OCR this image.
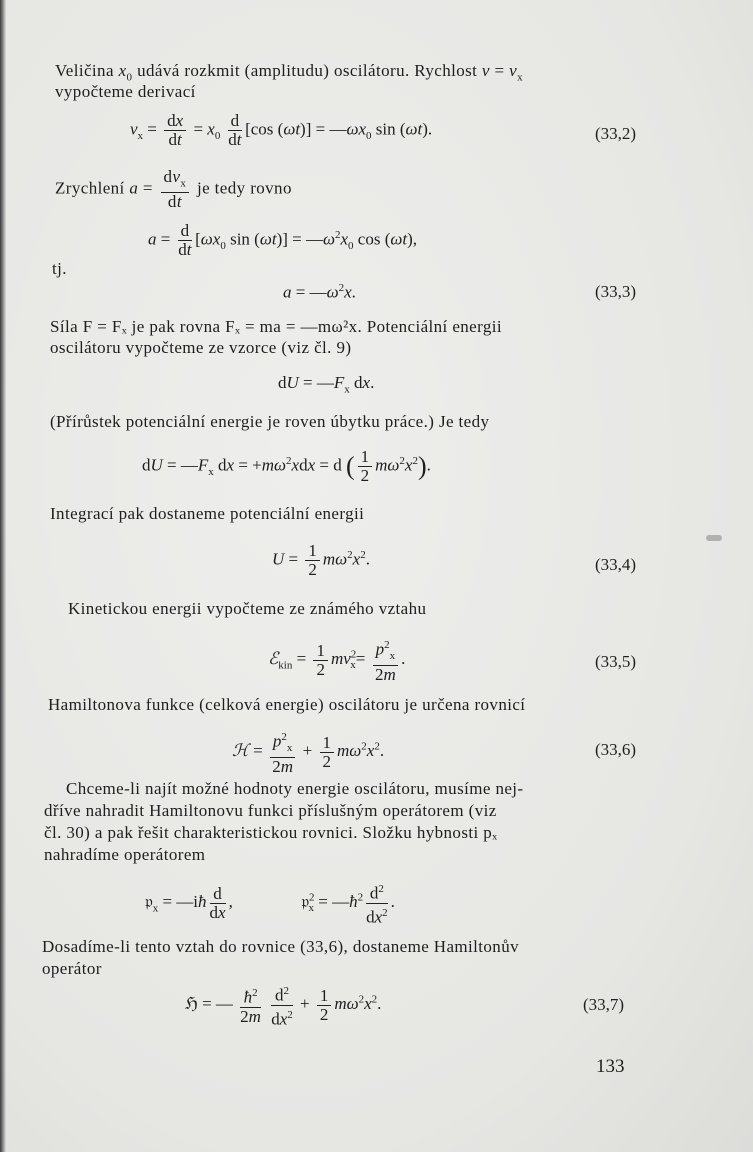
Veličina $x_0$ udává rozkmit (amplitudu) oscilátoru. Rychlost $v = v_x$
vypočteme derivací
$v_x = \frac{dx}{dt} = x_0 \frac{d}{dt} [\cos$ $(\omega t)] = —\omega x_0$ sin (ωt).	(33,2)
Zrychlení $a = \frac{dv_x}{dt}$ je tedy rovno
$a = \frac{d}{dt} [\omega x_0$ $\sin (\omega t)] = —\omega^2x_0$ cos (ωt),
tj.
$a = —\omega^2x$.	(33,3)
Síla F = Fₓ je pak rovna Fₓ = ma = —mω²x. Potenciální energii
oscilátoru vypočteme ze vzorce (viz čl. 9)
dU = $—F_x$ dx.
(Přírůstek potenciální energie je roven úbytku práce.) Je tedy
dU = $—F_x$ dx = $+m\omega^2xdx = d$ ( $\frac{1}{2} m\omega^2x^2$).
Integrací pak dostaneme potenciální energii
$U = \frac{1}{2} m\omega^2x^2$.	(33,4)
Kinetickou energii vypočteme ze známého vztahu
ℰ$_{kin}$ = $\frac{1}{2} mv^2_x= \frac{p^2_x}{2m}$ .	(33,5)
Hamiltonova funkce (celková energie) oscilátoru je určena rovnicí
ℋ = $\frac{p^2_x}{2m} + \frac{1}{2} m\omega^2x^2$.	(33,6)
Chceme-li najít možné hodnoty energie oscilátoru, musíme nej-
dříve nahradit Hamiltonovu funkci příslušným operátorem (viz
čl. 30) a pak řešit charakteristickou rovnici. Složku hybnosti pₓ
nahradíme operátorem
𝔭$_x$ = —iħ $\frac{d}{dx}$ ,	𝔭$^2_x$ = $—ħ^2 \frac{d^2}{dx^2}$ .
Dosadíme-li tento vztah do rovnice (33,6), dostaneme Hamiltonův
operátor
ℌ = — $\frac{ħ^2}{2m}$
$\frac{d^2}{dx^2} + \frac{1}{2} m\omega^2x^2$.	(33,7)
133
